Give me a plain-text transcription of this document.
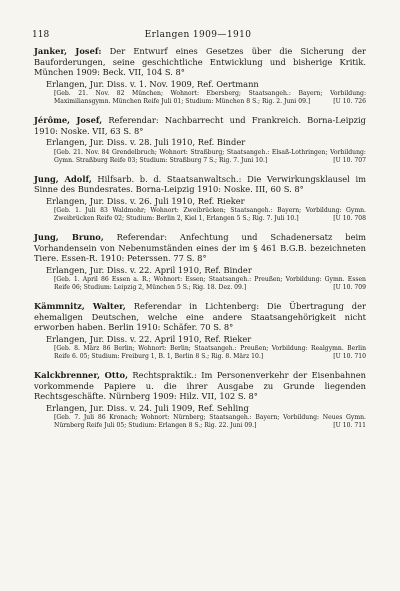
118	Erlangen 1909—1910
Janker, Josef: Der Entwurf eines Gesetzes über die Sicherung der Bauforderungen, seine geschichtliche Entwicklung und bisherige Kritik. München 1909: Beck. VII, 104 S. 8°
Erlangen, Jur. Diss. v. 1. Nov. 1909, Ref. Oertmann
[Geb. 21. Nov. 82 München; Wohnort: Ebersberg; Staatsangeh.: Bayern; Vorbildung: Maximiliansgymn. München Reife Juli 01; Studium: München 8 S.; Rig. 2. Juni 09.]	[U 10. 726
Jérôme, Josef, Referendar: Nachbarrecht und Frankreich. Borna-Leipzig 1910: Noske. VII, 63 S. 8°
Erlangen, Jur. Diss. v. 28. Juli 1910, Ref. Binder
[Geb. 21. Nov. 84 Grendelbruch; Wohnort: Straßburg; Staatsangeh.: Elsaß-Lothringen; Vorbildung: Gymn. Straßburg Reife 03; Studium: Straßburg 7 S.; Rig. 7. Juni 10.]	[U 10. 707
Jung, Adolf, Hilfsarb. b. d. Staatsanwaltsch.: Die Verwirkungsklausel im Sinne des Bundesrates. Borna-Leipzig 1910: Noske. III, 60 S. 8°
Erlangen, Jur. Diss. v. 26. Juli 1910, Ref. Rieker
[Geb. 1. Juli 83 Waldmohr; Wohnort: Zweibrücken; Staatsangeh.: Bayern; Vorbildung: Gymn. Zweibrücken Reife 02; Studium: Berlin 2, Kiel 1, Erlangen 5 S.; Rig. 7. Juli 10.]	[U 10. 708
Jung, Bruno, Referendar: Anfechtung und Schadenersatz beim Vorhandensein von Nebenumständen eines der im § 461 B.G.B. bezeichneten Tiere. Essen-R. 1910: Peterssen. 77 S. 8°
Erlangen, Jur. Diss. v. 22. April 1910, Ref. Binder
[Geb. 1. April 86 Essen a. R.; Wohnort: Essen; Staatsangeh.: Preußen; Vorbildung: Gymn. Essen Reife 06; Studium: Leipzig 2, München 5 S.; Rig. 18. Dez. 09.]	[U 10. 709
Kämmnitz, Walter, Referendar in Lichtenberg: Die Übertragung der ehemaligen Deutschen, welche eine andere Staatsangehörigkeit nicht erworben haben. Berlin 1910: Schäfer. 70 S. 8°
Erlangen, Jur. Diss. v. 22. April 1910, Ref. Rieker
[Geb. 8. März 86 Berlin; Wohnort: Berlin; Staatsangeh.: Preußen; Vorbildung: Realgymn. Berlin Reife 6. 05; Studium: Freiburg 1, B. 1, Berlin 8 S.; Rig. 8. März 10.]	[U 10. 710
Kalckbrenner, Otto, Rechtspraktik.: Im Personenverkehr der Eisenbahnen vorkommende Papiere u. die ihrer Ausgabe zu Grunde liegenden Rechtsgeschäfte. Nürnberg 1909: Hilz. VII, 102 S. 8°
Erlangen, Jur. Diss. v. 24. Juli 1909, Ref. Sehling
[Geb. 7. Juli 86 Kronach; Wohnort: Nürnberg; Staatsangeh.: Bayern; Vorbildung: Neues Gymn. Nürnberg Reife Juli 05; Studium: Erlangen 8 S.; Rig. 22. Juni 09.]	[U 10. 711
